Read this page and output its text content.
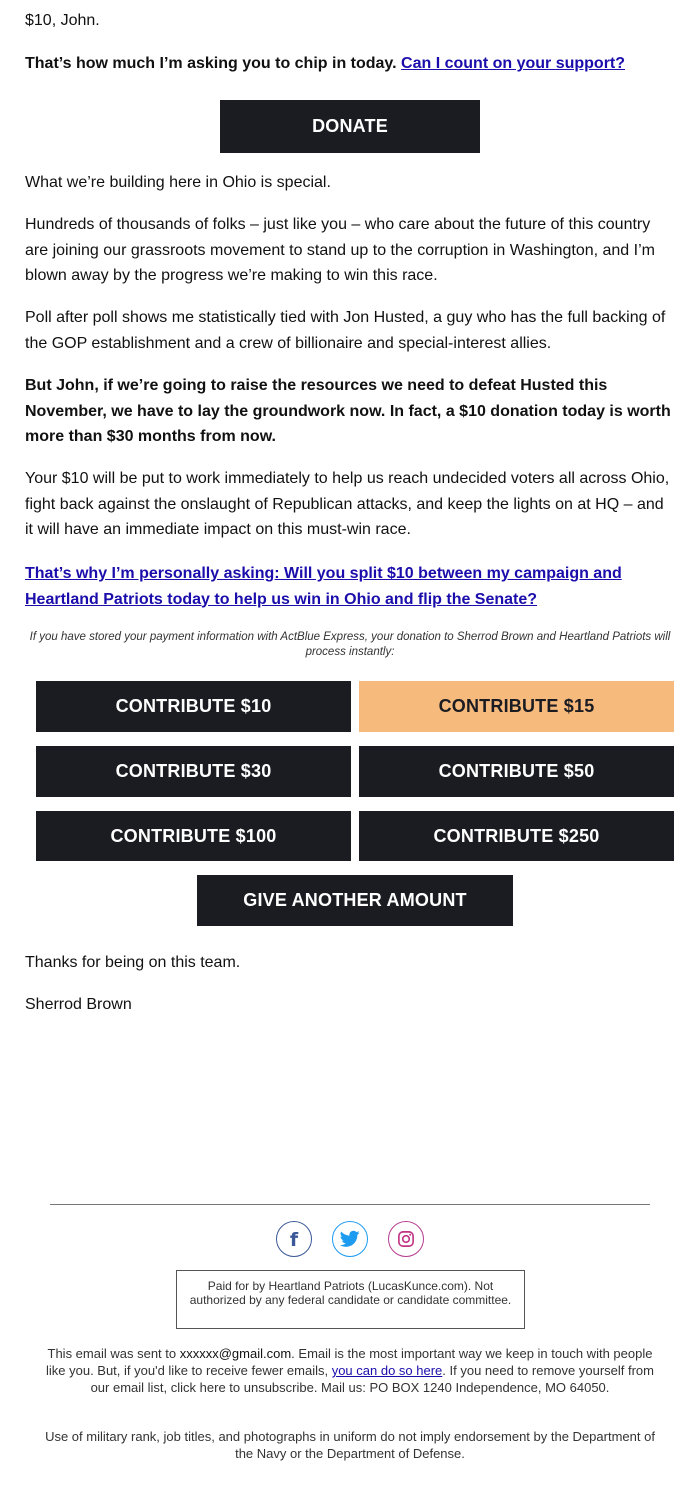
$10, John.
That’s how much I’m asking you to chip in today. Can I count on your support?
DONATE
What we’re building here in Ohio is special.
Hundreds of thousands of folks – just like you – who care about the future of this country are joining our grassroots movement to stand up to the corruption in Washington, and I’m blown away by the progress we’re making to win this race.
Poll after poll shows me statistically tied with Jon Husted, a guy who has the full backing of the GOP establishment and a crew of billionaire and special-interest allies.
But John, if we’re going to raise the resources we need to defeat Husted this November, we have to lay the groundwork now. In fact, a $10 donation today is worth more than $30 months from now.
Your $10 will be put to work immediately to help us reach undecided voters all across Ohio, fight back against the onslaught of Republican attacks, and keep the lights on at HQ – and it will have an immediate impact on this must-win race.
That’s why I’m personally asking: Will you split $10 between my campaign and Heartland Patriots today to help us win in Ohio and flip the Senate?
If you have stored your payment information with ActBlue Express, your donation to Sherrod Brown and Heartland Patriots will process instantly:
CONTRIBUTE $10	CONTRIBUTE $15
CONTRIBUTE $30	CONTRIBUTE $50
CONTRIBUTE $100	CONTRIBUTE $250
GIVE ANOTHER AMOUNT
Thanks for being on this team.
Sherrod Brown
f
Paid for by Heartland Patriots (LucasKunce.com). Not authorized by any federal candidate or candidate committee.
This email was sent to xxxxxx@gmail.com. Email is the most important way we keep in touch with people like you. But, if you'd like to receive fewer emails, you can do so here. If you need to remove yourself from our email list, click here to unsubscribe. Mail us: PO BOX 1240 Independence, MO 64050.
Use of military rank, job titles, and photographs in uniform do not imply endorsement by the Department of the Navy or the Department of Defense.
